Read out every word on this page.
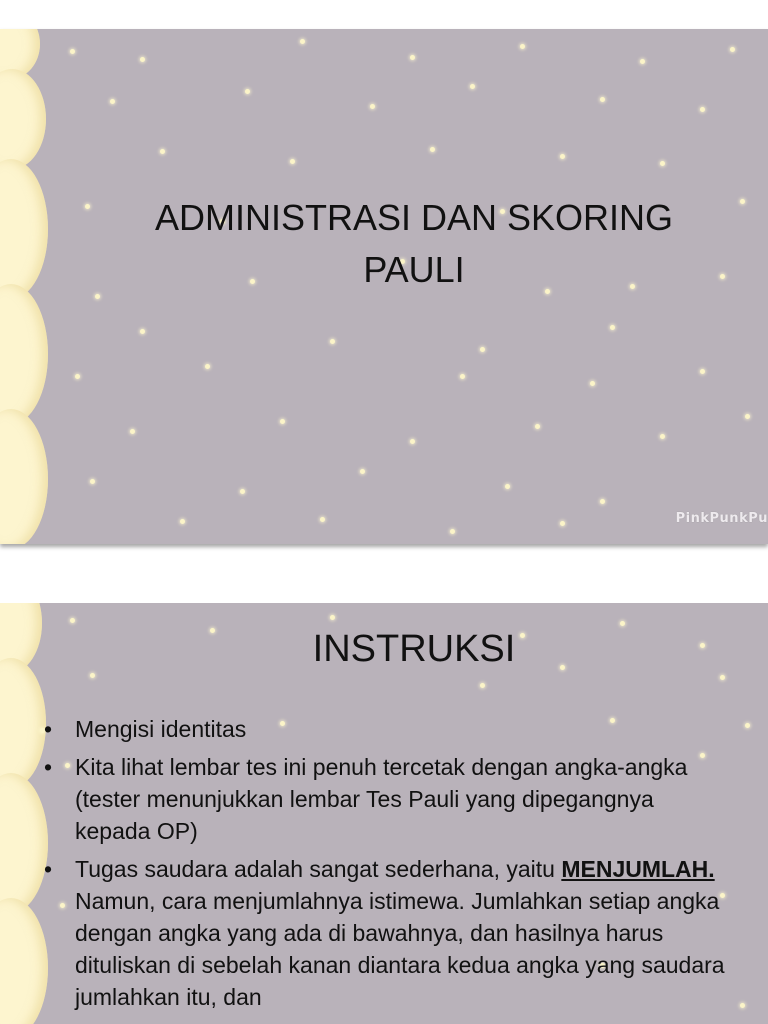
ADMINISTRASI DAN SKORING
PAULI
PinkPunkPu
INSTRUKSI
• Mengisi identitas
• Kita lihat lembar tes ini penuh tercetak dengan angka-angka (tester menunjukkan lembar Tes Pauli yang dipegangnya kepada OP)
• Tugas saudara adalah sangat sederhana, yaitu MENJUMLAH. Namun, cara menjumlahnya istimewa. Jumlahkan setiap angka dengan angka yang ada di bawahnya, dan hasilnya harus dituliskan di sebelah kanan diantara kedua angka yang saudara jumlahkan itu, dan
